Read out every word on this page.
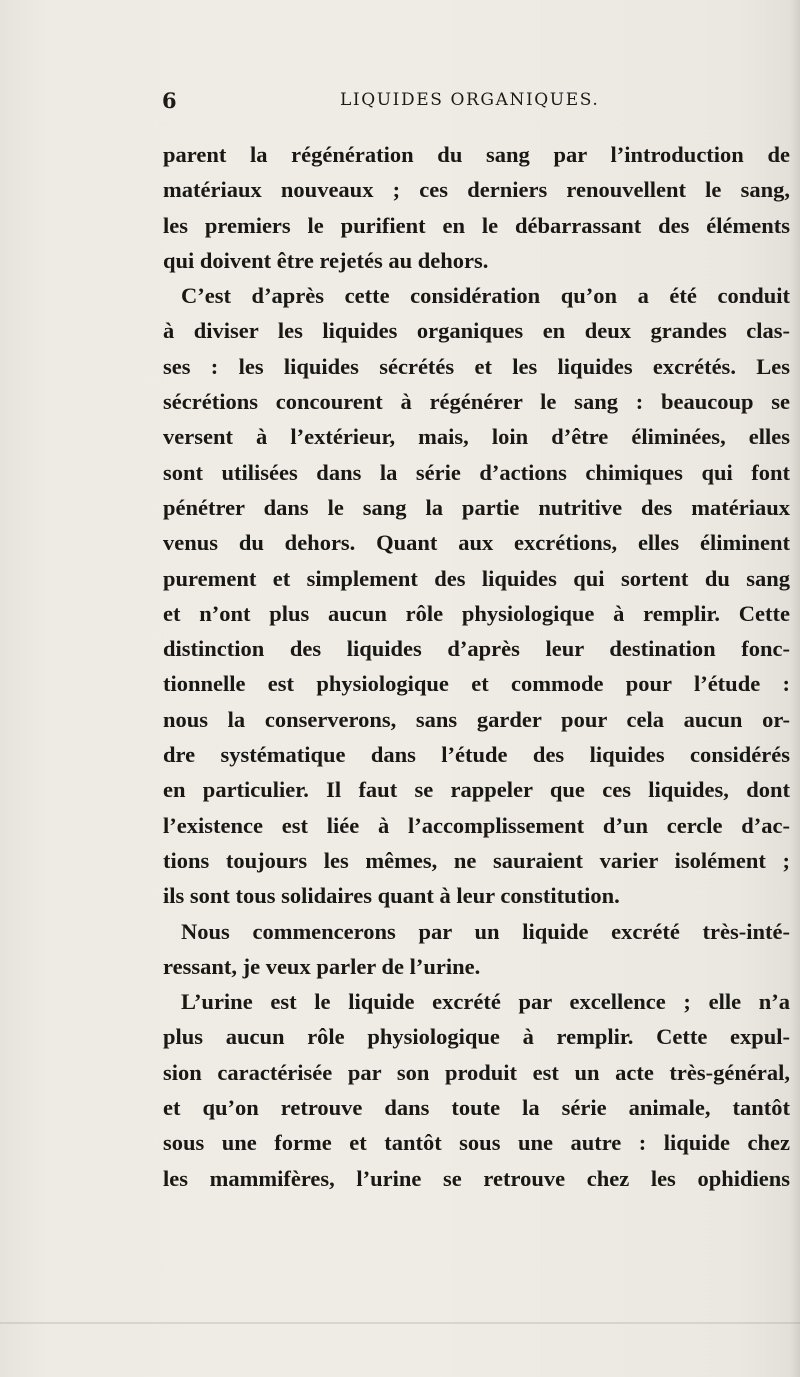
6	LIQUIDES ORGANIQUES.
parent la régénération du sang par l’introduction de
matériaux nouveaux ; ces derniers renouvellent le sang,
les premiers le purifient en le débarrassant des éléments
qui doivent être rejetés au dehors.
C’est d’après cette considération qu’on a été conduit
à diviser les liquides organiques en deux grandes clas-
ses : les liquides sécrétés et les liquides excrétés. Les
sécrétions concourent à régénérer le sang : beaucoup se
versent à l’extérieur, mais, loin d’être éliminées, elles
sont utilisées dans la série d’actions chimiques qui font
pénétrer dans le sang la partie nutritive des matériaux
venus du dehors. Quant aux excrétions, elles éliminent
purement et simplement des liquides qui sortent du sang
et n’ont plus aucun rôle physiologique à remplir. Cette
distinction des liquides d’après leur destination fonc-
tionnelle est physiologique et commode pour l’étude :
nous la conserverons, sans garder pour cela aucun or-
dre systématique dans l’étude des liquides considérés
en particulier. Il faut se rappeler que ces liquides, dont
l’existence est liée à l’accomplissement d’un cercle d’ac-
tions toujours les mêmes, ne sauraient varier isolément ;
ils sont tous solidaires quant à leur constitution.
Nous commencerons par un liquide excrété très-inté-
ressant, je veux parler de l’urine.
L’urine est le liquide excrété par excellence ; elle n’a
plus aucun rôle physiologique à remplir. Cette expul-
sion caractérisée par son produit est un acte très-général,
et qu’on retrouve dans toute la série animale, tantôt
sous une forme et tantôt sous une autre : liquide chez
les mammifères, l’urine se retrouve chez les ophidiens
